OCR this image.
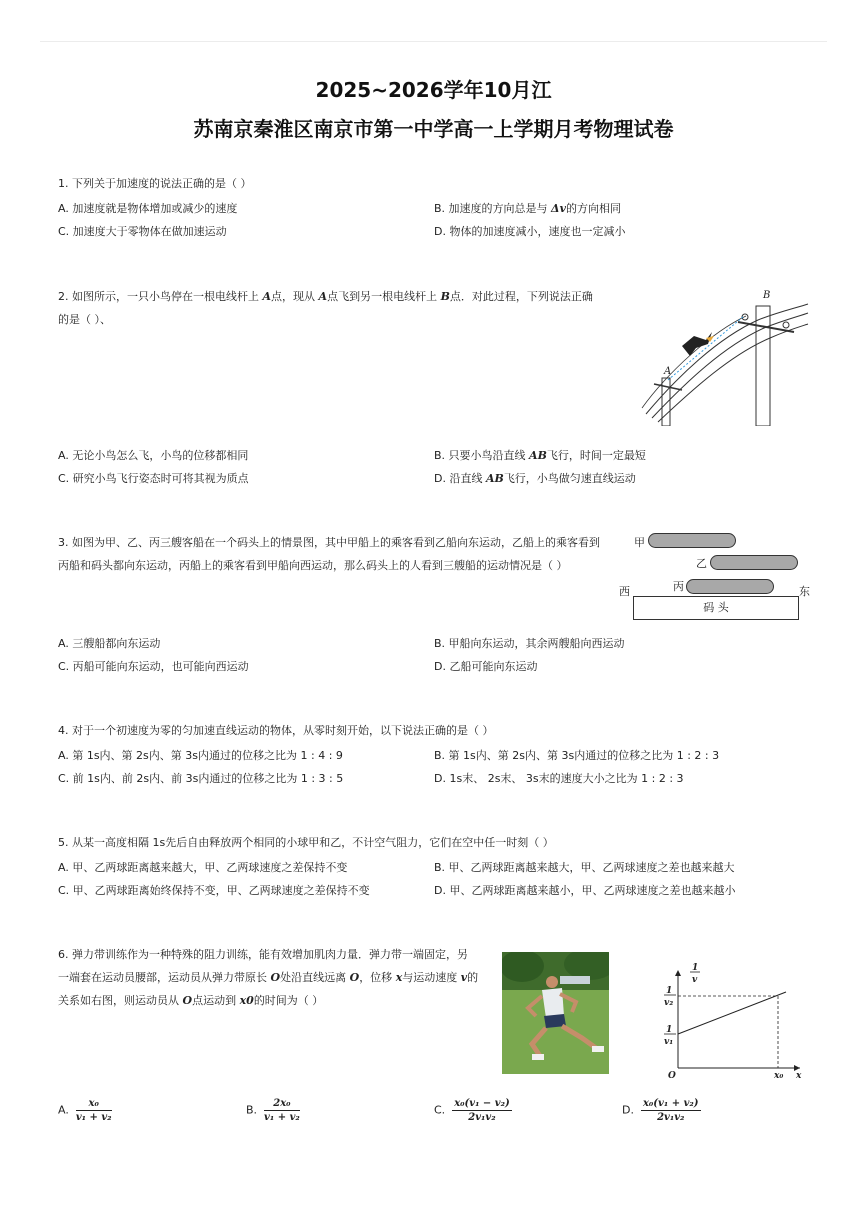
2025~2026学年10月江
苏南京秦淮区南京市第一中学高一上学期月考物理试卷
1. 下列关于加速度的说法正确的是（ ）
A. 加速度就是物体增加或减少的速度	B. 加速度的方向总是与 Δv的方向相同
C. 加速度大于零物体在做加速运动	D. 物体的加速度减小，速度也一定减小
2. 如图所示，一只小鸟停在一根电线杆上 A点，现从 A点飞到另一根电线杆上 B点．对此过程，下列说法正确
的是（ ）、
A
B
A. 无论小鸟怎么飞，小鸟的位移都相同	B. 只要小鸟沿直线 AB飞行，时间一定最短
C. 研究小鸟飞行姿态时可将其视为质点	D. 沿直线 AB飞行，小鸟做匀速直线运动
3. 如图为甲、乙、丙三艘客船在一个码头上的情景图，其中甲船上的乘客看到乙船向东运动，乙船上的乘客看到丙船和码头都向东运动，丙船上的乘客看到甲船向西运动，那么码头上的人看到三艘船的运动情况是（ ）
甲
乙
丙
西	东
码 头
A. 三艘船都向东运动	B. 甲船向东运动，其余两艘船向西运动
C. 丙船可能向东运动，也可能向西运动	D. 乙船可能向东运动
4. 对于一个初速度为零的匀加速直线运动的物体，从零时刻开始，以下说法正确的是（ ）
A. 第 1s内、第 2s内、第 3s内通过的位移之比为 1 : 4 : 9	B. 第 1s内、第 2s内、第 3s内通过的位移之比为 1 : 2 : 3
C. 前 1s内、前 2s内、前 3s内通过的位移之比为 1 : 3 : 5	D. 1s末、 2s末、 3s末的速度大小之比为 1 : 2 : 3
5. 从某一高度相隔 1s先后自由释放两个相同的小球甲和乙，不计空气阻力，它们在空中任一时刻（ ）
A. 甲、乙两球距离越来越大，甲、乙两球速度之差保持不变	B. 甲、乙两球距离越来越大，甲、乙两球速度之差也越来越大
C. 甲、乙两球距离始终保持不变，甲、乙两球速度之差保持不变	D. 甲、乙两球距离越来越小，甲、乙两球速度之差也越来越小
6. 弹力带训练作为一种特殊的阻力训练，能有效增加肌肉力量．弹力带一端固定，另
一端套在运动员腰部，运动员从弹力带原长 O处沿直线远离 O，位移 x与运动速度 v的
关系如右图，则运动员从 O点运动到 x0的时间为（ ）
1
v
1
v₂
1
v₁
O	x₀ x
A. $\frac{\text{x₀}}{\text{v₁ + v₂}}$	B. $\frac{\text{2x₀}}{\text{v₁ + v₂}}$	C. $\frac{\text{x₀(v₁ − v₂)}}{\text{2v₁v₂}}$	D. $\frac{\text{x₀(v₁ + v₂)}}{\text{2v₁v₂}}$
